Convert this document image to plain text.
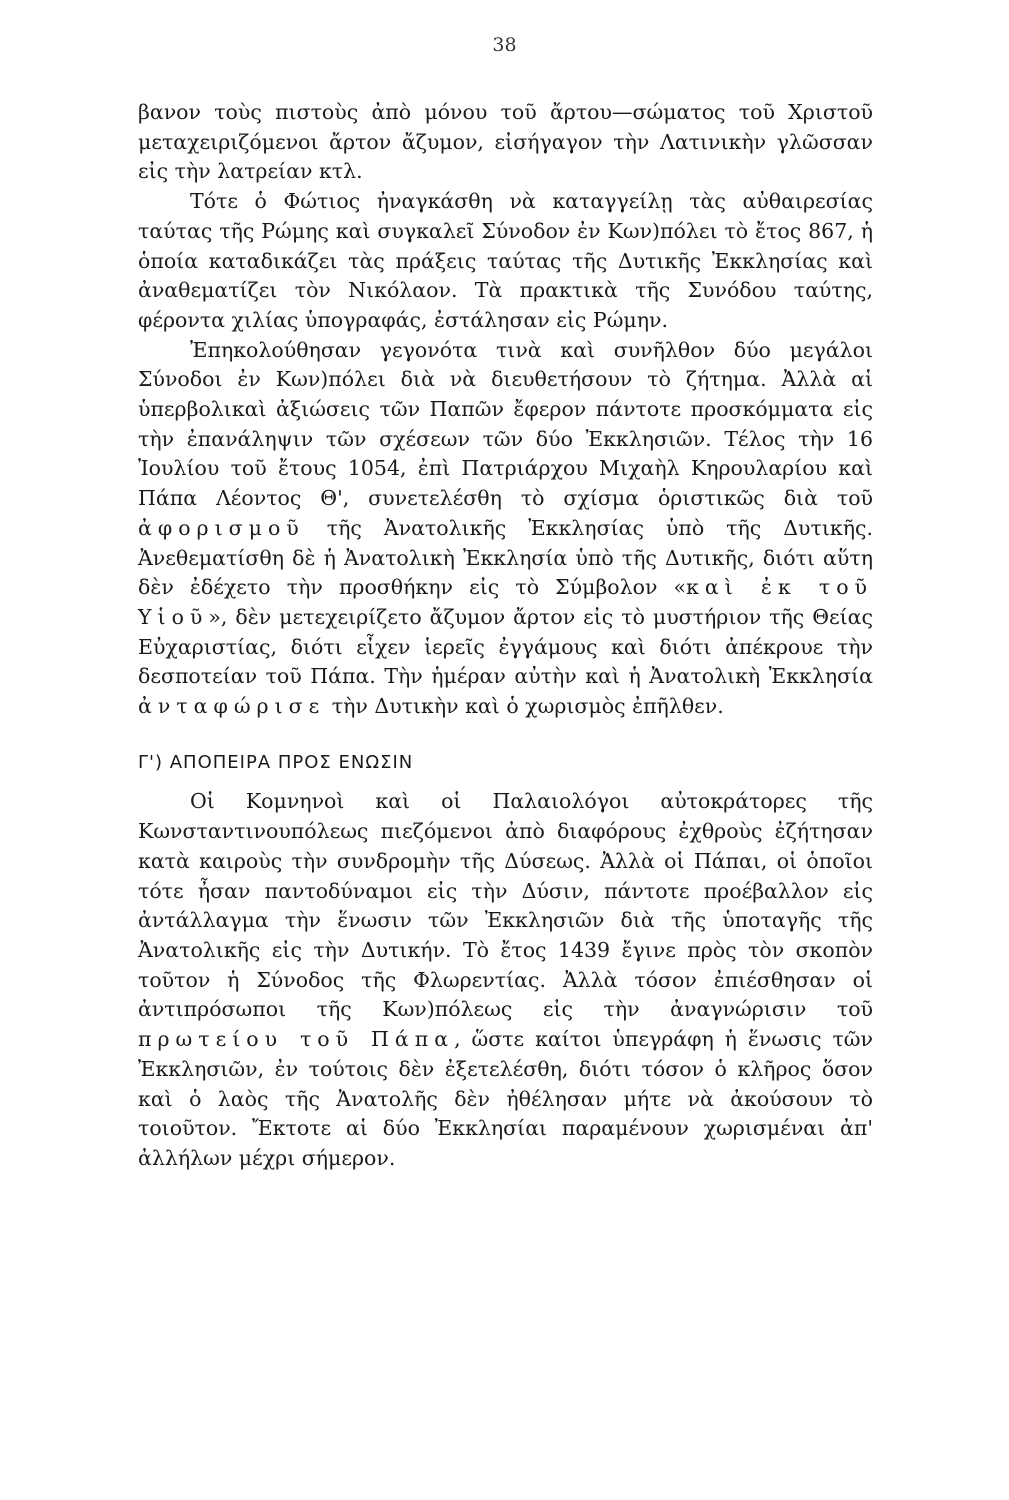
38

βανον τοὺς πιστοὺς ἀπὸ μόνου τοῦ ἄρτου—σώματος τοῦ Χριστοῦ μεταχειριζόμενοι ἄρτον ἄζυμον, εἰσήγαγον τὴν Λατινικὴν γλῶσσαν εἰς τὴν λατρείαν κτλ.

Τότε ὁ Φώτιος ἠναγκάσθη νὰ καταγγείλῃ τὰς αὐθαιρεσίας ταύτας τῆς Ρώμης καὶ συγκαλεῖ Σύνοδον ἐν Κων)πόλει τὸ ἔτος 867, ἡ ὁποία καταδικάζει τὰς πράξεις ταύτας τῆς Δυτικῆς Ἐκκλησίας καὶ ἀναθεματίζει τὸν Νικόλαον. Τὰ πρακτικὰ τῆς Συνόδου ταύτης, φέροντα χιλίας ὑπογραφάς, ἐστάλησαν εἰς Ρώμην.

Ἐπηκολούθησαν γεγονότα τινὰ καὶ συνῆλθον δύο μεγάλοι Σύνοδοι ἐν Κων)πόλει διὰ νὰ διευθετήσουν τὸ ζήτημα. Ἀλλὰ αἱ ὑπερβολικαὶ ἀξιώσεις τῶν Παπῶν ἔφερον πάντοτε προσκόμματα εἰς τὴν ἐπανάληψιν τῶν σχέσεων τῶν δύο Ἐκκλησιῶν. Τέλος τὴν 16 Ἰουλίου τοῦ ἔτους 1054, ἐπὶ Πατριάρχου Μιχαὴλ Κηρουλαρίου καὶ Πάπα Λέοντος Θ', συνετελέσθη τὸ σχίσμα ὁριστικῶς διὰ τοῦ ἀφορισμοῦ τῆς Ἀνατολικῆς Ἐκκλησίας ὑπὸ τῆς Δυτικῆς. Ἀνεθεματίσθη δὲ ἡ Ἀνατολικὴ Ἐκκλησία ὑπὸ τῆς Δυτικῆς, διότι αὕτη δὲν ἐδέχετο τὴν προσθήκην εἰς τὸ Σύμβολον «καὶ ἐκ τοῦ Υἱοῦ», δὲν μετεχειρίζετο ἄζυμον ἄρτον εἰς τὸ μυστήριον τῆς Θείας Εὐχαριστίας, διότι εἶχεν ἱερεῖς ἐγγάμους καὶ διότι ἀπέκρουε τὴν δεσποτείαν τοῦ Πάπα. Τὴν ἡμέραν αὐτὴν καὶ ἡ Ἀνατολικὴ Ἐκκλησία ἀνταφώρισε τὴν Δυτικὴν καὶ ὁ χωρισμὸς ἐπῆλθεν.

Γ') ΑΠΟΠΕΙΡΑ ΠΡΟΣ ΕΝΩΣΙΝ

Οἱ Κομνηνοὶ καὶ οἱ Παλαιολόγοι αὐτοκράτορες τῆς Κωνσταντινουπόλεως πιεζόμενοι ἀπὸ διαφόρους ἐχθροὺς ἐζήτησαν κατὰ καιροὺς τὴν συνδρομὴν τῆς Δύσεως. Ἀλλὰ οἱ Πάπαι, οἱ ὁποῖοι τότε ἦσαν παντοδύναμοι εἰς τὴν Δύσιν, πάντοτε προέβαλλον εἰς ἀντάλλαγμα τὴν ἕνωσιν τῶν Ἐκκλησιῶν διὰ τῆς ὑποταγῆς τῆς Ἀνατολικῆς εἰς τὴν Δυτικήν. Τὸ ἔτος 1439 ἔγινε πρὸς τὸν σκοπὸν τοῦτον ἡ Σύνοδος τῆς Φλωρεντίας. Ἀλλὰ τόσον ἐπιέσθησαν οἱ ἀντιπρόσωποι τῆς Κων)πόλεως εἰς τὴν ἀναγνώρισιν τοῦ πρωτείου τοῦ Πάπα, ὥστε καίτοι ὑπεγράφη ἡ ἕνωσις τῶν Ἐκκλησιῶν, ἐν τούτοις δὲν ἐξετελέσθη, διότι τόσον ὁ κλῆρος ὅσον καὶ ὁ λαὸς τῆς Ἀνατολῆς δὲν ἠθέλησαν μήτε νὰ ἀκούσουν τὸ τοιοῦτον. Ἔκτοτε αἱ δύο Ἐκκλησίαι παραμένουν χωρισμέναι ἀπ' ἀλλήλων μέχρι σήμερον.
